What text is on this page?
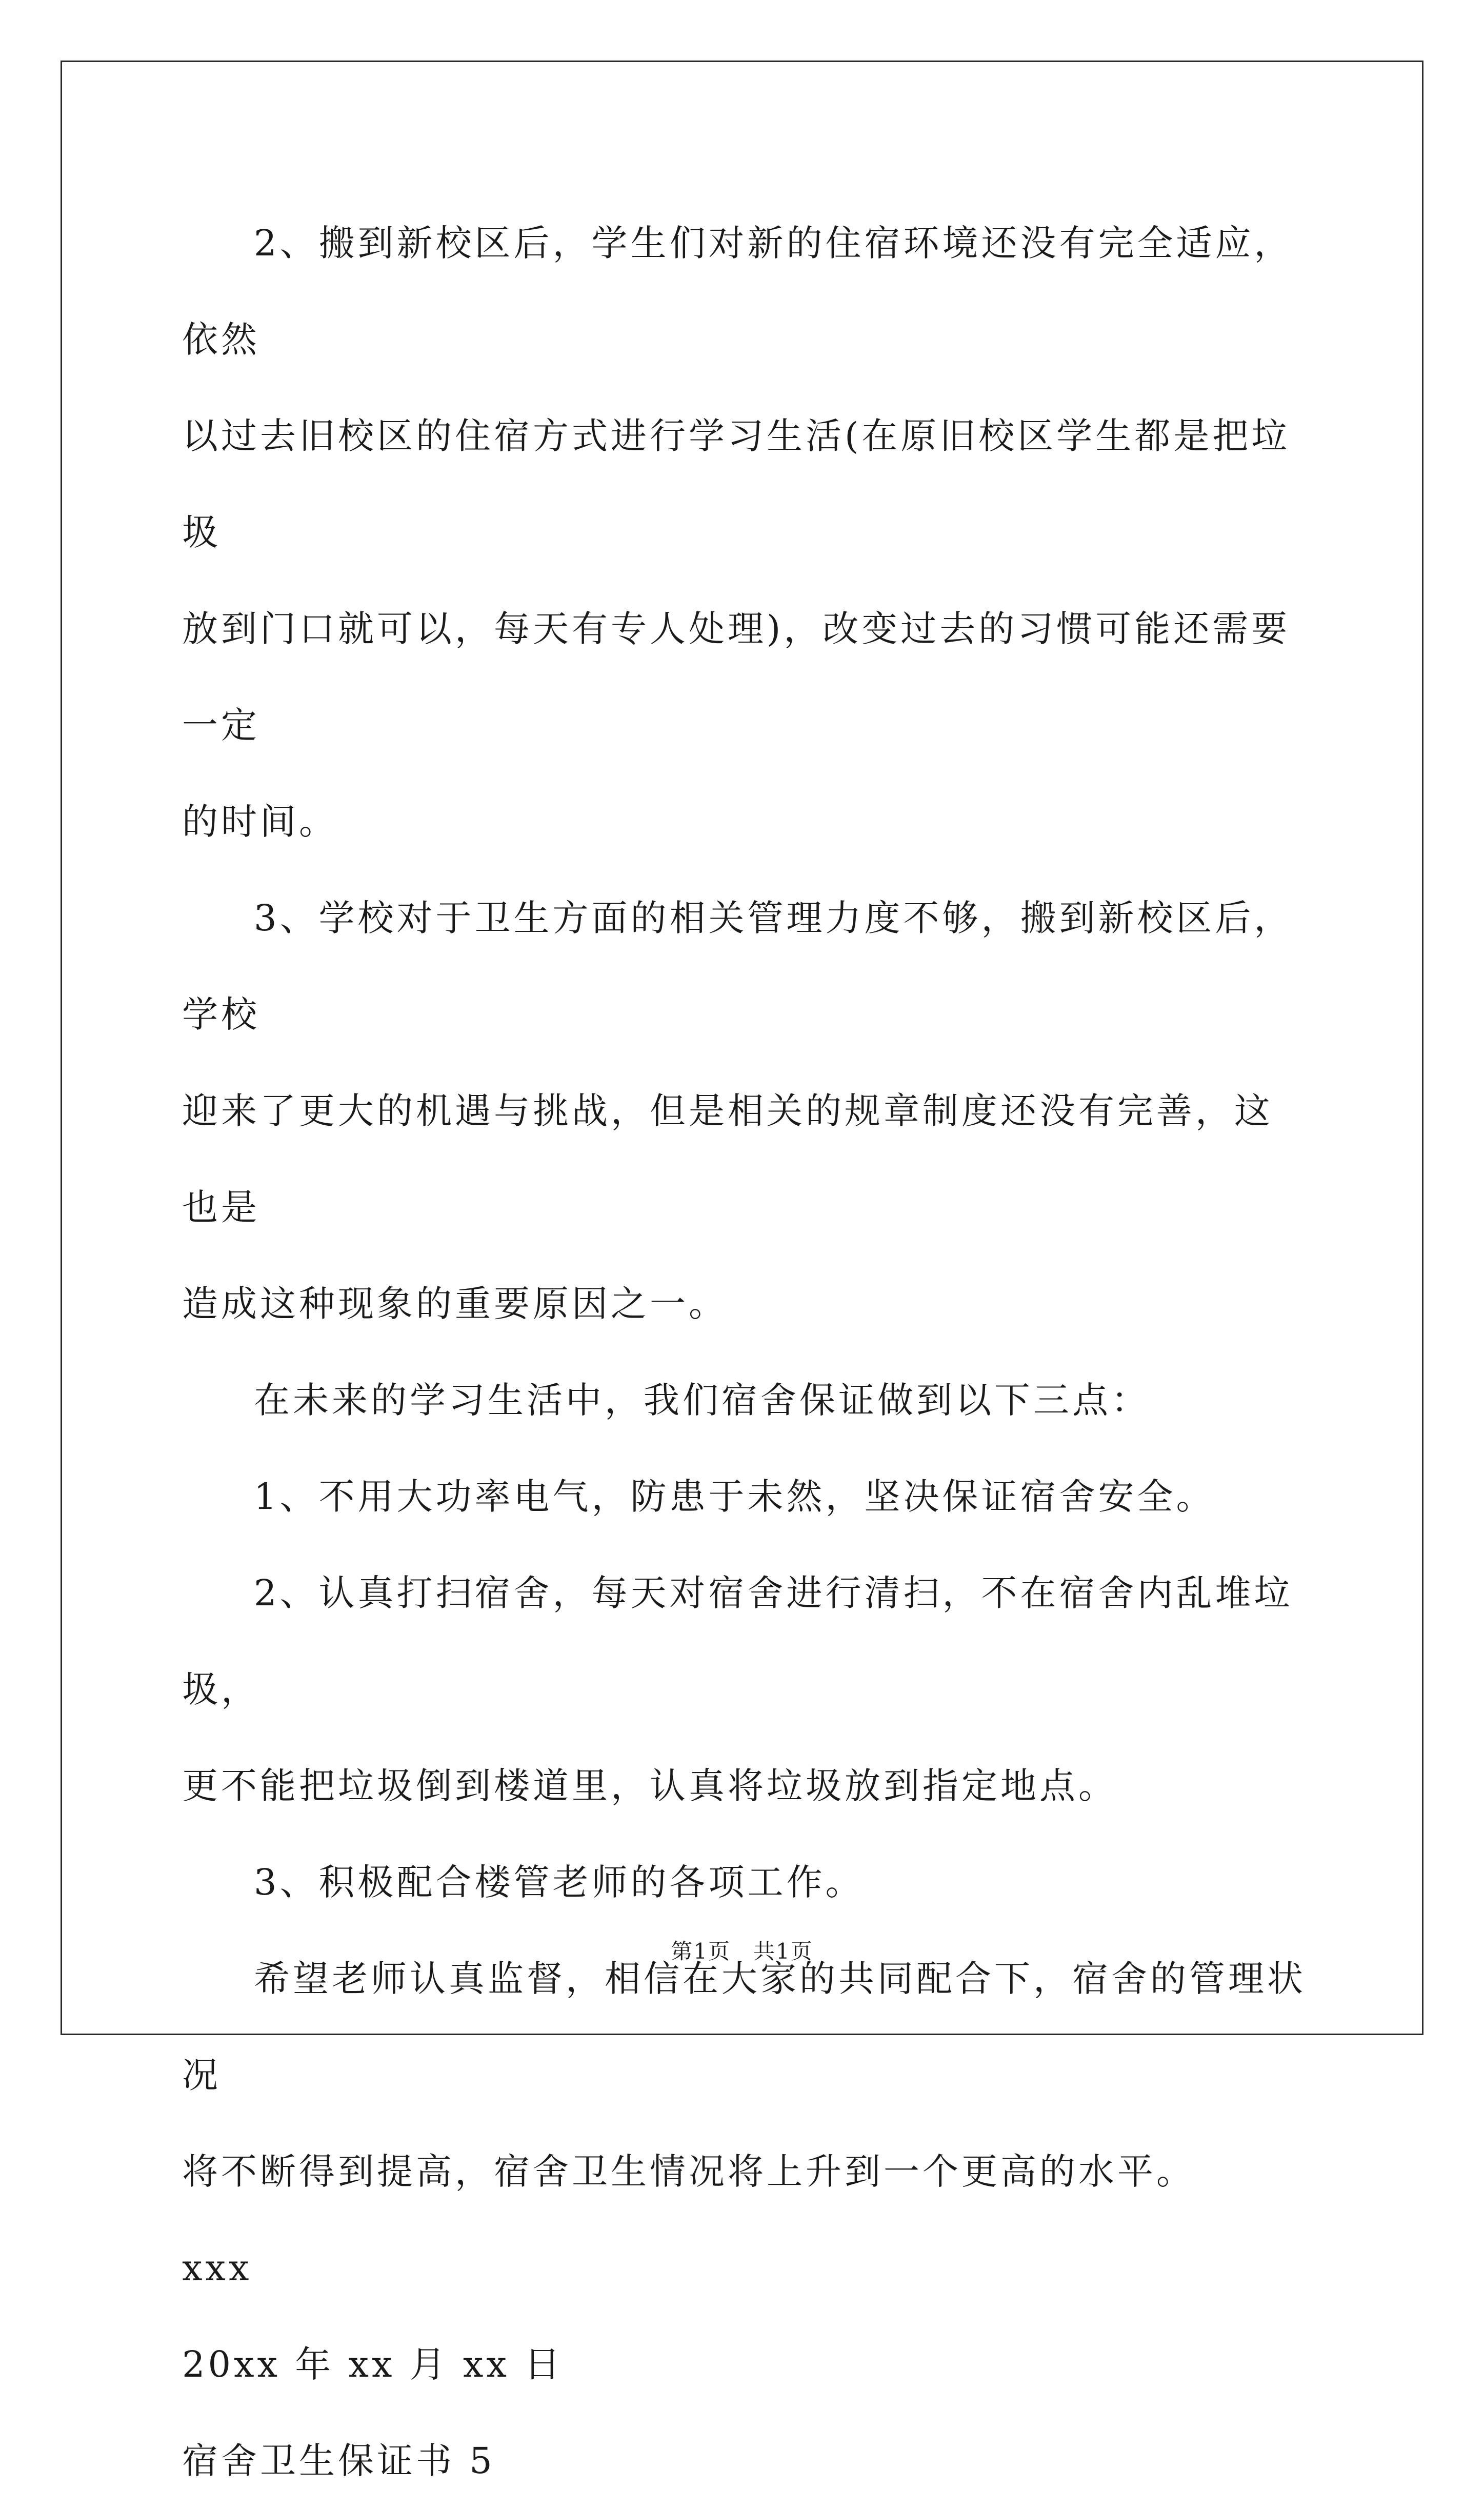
2、搬到新校区后，学生们对新的住宿环境还没有完全适应，依然
以过去旧校区的住宿方式进行学习生活(在原旧校区学生都是把垃圾
放到门口就可以，每天有专人处理)，改变过去的习惯可能还需要一定
的时间。

3、学校对于卫生方面的相关管理力度不够，搬到新校区后，学校
迎来了更大的机遇与挑战，但是相关的规章制度还没有完善，这也是
造成这种现象的重要原因之一。

在未来的学习生活中，我们宿舍保证做到以下三点：

1、不用大功率电气，防患于未然，坚决保证宿舍安全。

2、认真打扫宿舍，每天对宿舍进行清扫，不在宿舍内乱堆垃圾，
更不能把垃圾倒到楼道里，认真将垃圾放到指定地点。

3、积极配合楼管老师的各项工作。

希望老师认真监督，相信在大家的共同配合下，宿舍的管理状况
将不断得到提高，宿舍卫生情况将上升到一个更高的水平。

xxx

20xx 年 xx 月 xx 日

宿舍卫生保证书 5

第1页　共1页
